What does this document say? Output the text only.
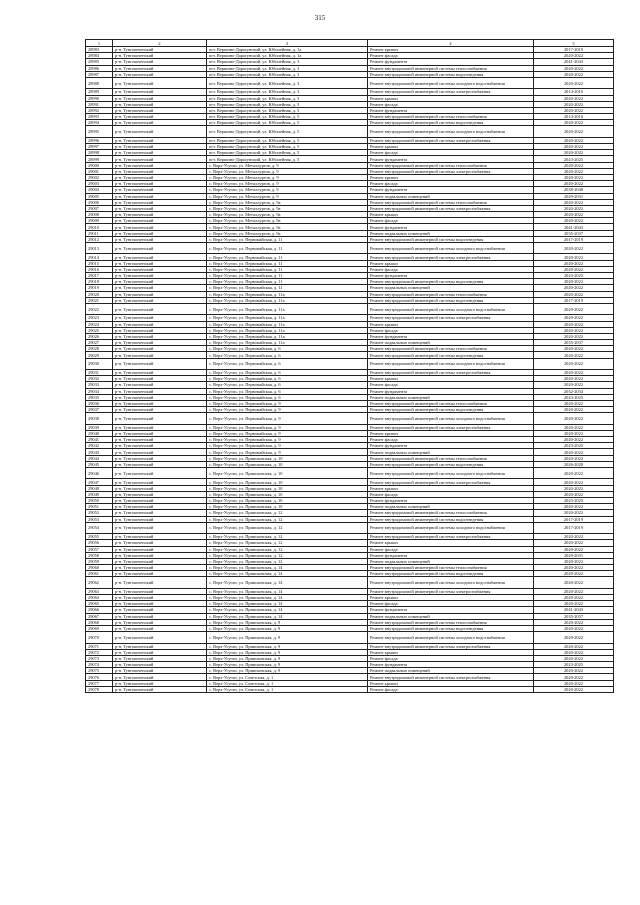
315
1	2	3	4	5
28983	р-н. Тунгокоченский	пгт. Вершино-Дарасунский, ул. Юбилейная, д. 1а	Ремонт крыши	2017-2019
28984	р-н. Тунгокоченский	пгт. Вершино-Дарасунский, ул. Юбилейная, д. 1а	Ремонт фасада	2020-2022
28985	р-н. Тунгокоченский	пгт. Вершино-Дарасунский, ул. Юбилейная, д. 3	Ремонт фундамента	2041-2043
28986	р-н. Тунгокоченский	пгт. Вершино-Дарасунский, ул. Юбилейная, д. 3	Ремонт внутридомовой инженерной системы теплоснабжения	2020-2022
28987	р-н. Тунгокоченский	пгт. Вершино-Дарасунский, ул. Юбилейная, д. 3	Ремонт внутридомовой инженерной системы водоотведения	2020-2022
28988	р-н. Тунгокоченский	пгт. Вершино-Дарасунский, ул. Юбилейная, д. 3	Ремонт внутридомовой инженерной системы холодного водоснабжения	2020-2022
28989	р-н. Тунгокоченский	пгт. Вершино-Дарасунский, ул. Юбилейная, д. 3	Ремонт внутридомовой инженерной системы электроснабжения	2014-2016
28990	р-н. Тунгокоченский	пгт. Вершино-Дарасунский, ул. Юбилейная, д. 3	Ремонт крыши	2020-2022
28991	р-н. Тунгокоченский	пгт. Вершино-Дарасунский, ул. Юбилейная, д. 3	Ремонт фасада	2020-2022
28992	р-н. Тунгокоченский	пгт. Вершино-Дарасунский, ул. Юбилейная, д. 5	Ремонт фундамента	2020-2022
28993	р-н. Тунгокоченский	пгт. Вершино-Дарасунский, ул. Юбилейная, д. 5	Ремонт внутридомовой инженерной системы теплоснабжения	2014-2016
28994	р-н. Тунгокоченский	пгт. Вершино-Дарасунский, ул. Юбилейная, д. 5	Ремонт внутридомовой инженерной системы водоотведения	2020-2022
28995	р-н. Тунгокоченский	пгт. Вершино-Дарасунский, ул. Юбилейная, д. 5	Ремонт внутридомовой инженерной системы холодного водоснабжения	2020-2022
28996	р-н. Тунгокоченский	пгт. Вершино-Дарасунский, ул. Юбилейная, д. 5	Ремонт внутридомовой инженерной системы электроснабжения	2020-2022
28997	р-н. Тунгокоченский	пгт. Вершино-Дарасунский, ул. Юбилейная, д. 5	Ремонт крыши	2020-2022
28998	р-н. Тунгокоченский	пгт. Вершино-Дарасунский, ул. Юбилейная, д. 5	Ремонт фасада	2020-2022
28999	р-н. Тунгокоченский	пгт. Вершино-Дарасунский, ул. Юбилейная, д. 5	Ремонт фундамента	2023-2025
29000	р-н. Тунгокоченский	с. Верх-Усугли, ул. Металлургов, д. 9	Ремонт внутридомовой инженерной системы теплоснабжения	2020-2022
29001	р-н. Тунгокоченский	с. Верх-Усугли, ул. Металлургов, д. 9	Ремонт внутридомовой инженерной системы электроснабжения	2020-2022
29002	р-н. Тунгокоченский	с. Верх-Усугли, ул. Металлургов, д. 9	Ремонт крыши	2020-2022
29003	р-н. Тунгокоченский	с. Верх-Усугли, ул. Металлургов, д. 9	Ремонт фасада	2020-2022
29004	р-н. Тунгокоченский	с. Верх-Усугли, ул. Металлургов, д. 9	Ремонт фундамента	2038-2040
29005	р-н. Тунгокоченский	с. Верх-Усугли, ул. Металлургов, д. 9	Ремонт подвальных помещений	2029-2031
29006	р-н. Тунгокоченский	с. Верх-Усугли, ул. Металлургов, д. 9а	Ремонт внутридомовой инженерной системы теплоснабжения	2020-2022
29007	р-н. Тунгокоченский	с. Верх-Усугли, ул. Металлургов, д. 9а	Ремонт внутридомовой инженерной системы электроснабжения	2020-2022
29008	р-н. Тунгокоченский	с. Верх-Усугли, ул. Металлургов, д. 9а	Ремонт крыши	2020-2022
29009	р-н. Тунгокоченский	с. Верх-Усугли, ул. Металлургов, д. 9а	Ремонт фасада	2020-2022
29010	р-н. Тунгокоченский	с. Верх-Усугли, ул. Металлургов, д. 9а	Ремонт фундамента	2041-2043
29011	р-н. Тунгокоченский	с. Верх-Усугли, ул. Металлургов, д. 9а	Ремонт подвальных помещений	2035-2037
29012	р-н. Тунгокоченский	с. Верх-Усугли, ул. Первомайская, д. 11	Ремонт внутридомовой инженерной системы водоотведения	2017-2019
29013	р-н. Тунгокоченский	с. Верх-Усугли, ул. Первомайская, д. 11	Ремонт внутридомовой инженерной системы холодного водоснабжения	2020-2022
29014	р-н. Тунгокоченский	с. Верх-Усугли, ул. Первомайская, д. 11	Ремонт внутридомовой инженерной системы электроснабжения	2020-2022
29015	р-н. Тунгокоченский	с. Верх-Усугли, ул. Первомайская, д. 11	Ремонт крыши	2020-2022
29016	р-н. Тунгокоченский	с. Верх-Усугли, ул. Первомайская, д. 11	Ремонт фасада	2020-2022
29017	р-н. Тунгокоченский	с. Верх-Усугли, ул. Первомайская, д. 11	Ремонт фундамента	2023-2025
29018	р-н. Тунгокоченский	с. Верх-Усугли, ул. Первомайская, д. 11	Ремонт внутридомовой инженерной системы водоотведения	2020-2022
29019	р-н. Тунгокоченский	с. Верх-Усугли, ул. Первомайская, д. 11	Ремонт подвальных помещений	2020-2022
29020	р-н. Тунгокоченский	с. Верх-Усугли, ул. Первомайская, д. 11а	Ремонт внутридомовой инженерной системы теплоснабжения	2020-2022
29021	р-н. Тунгокоченский	с. Верх-Усугли, ул. Первомайская, д. 11а	Ремонт внутридомовой инженерной системы водоотведения	2017-2019
29022	р-н. Тунгокоченский	с. Верх-Усугли, ул. Первомайская, д. 11а	Ремонт внутридомовой инженерной системы холодного водоснабжения	2020-2022
29023	р-н. Тунгокоченский	с. Верх-Усугли, ул. Первомайская, д. 11а	Ремонт внутридомовой инженерной системы электроснабжения	2020-2022
29024	р-н. Тунгокоченский	с. Верх-Усугли, ул. Первомайская, д. 11а	Ремонт крыши	2020-2022
29025	р-н. Тунгокоченский	с. Верх-Усугли, ул. Первомайская, д. 11а	Ремонт фасада	2020-2022
29026	р-н. Тунгокоченский	с. Верх-Усугли, ул. Первомайская, д. 11а	Ремонт фундамента	2020-2022
29027	р-н. Тунгокоченский	с. Верх-Усугли, ул. Первомайская, д. 11а	Ремонт подвальных помещений	2035-2037
29028	р-н. Тунгокоченский	с. Верх-Усугли, ул. Первомайская, д. 6	Ремонт внутридомовой инженерной системы теплоснабжения	2020-2022
29029	р-н. Тунгокоченский	с. Верх-Усугли, ул. Первомайская, д. 6	Ремонт внутридомовой инженерной системы водоотведения	2020-2022
29030	р-н. Тунгокоченский	с. Верх-Усугли, ул. Первомайская, д. 6	Ремонт внутридомовой инженерной системы холодного водоснабжения	2020-2022
29031	р-н. Тунгокоченский	с. Верх-Усугли, ул. Первомайская, д. 6	Ремонт внутридомовой инженерной системы электроснабжения	2020-2022
29032	р-н. Тунгокоченский	с. Верх-Усугли, ул. Первомайская, д. 6	Ремонт крыши	2020-2022
29033	р-н. Тунгокоченский	с. Верх-Усугли, ул. Первомайская, д. 6	Ремонт фасада	2020-2022
29034	р-н. Тунгокоченский	с. Верх-Усугли, ул. Первомайская, д. 6	Ремонт фундамента	2032-2034
29035	р-н. Тунгокоченский	с. Верх-Усугли, ул. Первомайская, д. 6	Ремонт подвальных помещений	2023-2025
29036	р-н. Тунгокоченский	с. Верх-Усугли, ул. Первомайская, д. 9	Ремонт внутридомовой инженерной системы теплоснабжения	2020-2022
29037	р-н. Тунгокоченский	с. Верх-Усугли, ул. Первомайская, д. 9	Ремонт внутридомовой инженерной системы водоотведения	2020-2022
29038	р-н. Тунгокоченский	с. Верх-Усугли, ул. Первомайская, д. 9	Ремонт внутридомовой инженерной системы холодного водоснабжения	2020-2022
29039	р-н. Тунгокоченский	с. Верх-Усугли, ул. Первомайская, д. 9	Ремонт внутридомовой инженерной системы электроснабжения	2020-2022
29040	р-н. Тунгокоченский	с. Верх-Усугли, ул. Первомайская, д. 9	Ремонт крыши	2020-2022
29041	р-н. Тунгокоченский	с. Верх-Усугли, ул. Первомайская, д. 9	Ремонт фасада	2020-2022
29042	р-н. Тунгокоченский	с. Верх-Усугли, ул. Первомайская, д. 9	Ремонт фундамента	2023-2025
29043	р-н. Тунгокоченский	с. Верх-Усугли, ул. Первомайская, д. 9	Ремонт подвальных помещений	2020-2022
29044	р-н. Тунгокоченский	с. Верх-Усугли, ул. Приисковская, д. 10	Ремонт внутридомовой инженерной системы теплоснабжения	2020-2022
29045	р-н. Тунгокоченский	с. Верх-Усугли, ул. Приисковская, д. 10	Ремонт внутридомовой инженерной системы водоотведения	2026-2028
29046	р-н. Тунгокоченский	с. Верх-Усугли, ул. Приисковская, д. 10	Ремонт внутридомовой инженерной системы холодного водоснабжения	2020-2022
29047	р-н. Тунгокоченский	с. Верх-Усугли, ул. Приисковская, д. 10	Ремонт внутридомовой инженерной системы электроснабжения	2020-2022
29048	р-н. Тунгокоченский	с. Верх-Усугли, ул. Приисковская, д. 10	Ремонт крыши	2020-2022
29049	р-н. Тунгокоченский	с. Верх-Усугли, ул. Приисковская, д. 10	Ремонт фасада	2020-2022
29050	р-н. Тунгокоченский	с. Верх-Усугли, ул. Приисковская, д. 10	Ремонт фундамента	2023-2025
29051	р-н. Тунгокоченский	с. Верх-Усугли, ул. Приисковская, д. 10	Ремонт подвальных помещений	2020-2022
29052	р-н. Тунгокоченский	с. Верх-Усугли, ул. Приисковская, д. 12	Ремонт внутридомовой инженерной системы теплоснабжения	2020-2022
29053	р-н. Тунгокоченский	с. Верх-Усугли, ул. Приисковская, д. 12	Ремонт внутридомовой инженерной системы водоотведения	2017-2019
29054	р-н. Тунгокоченский	с. Верх-Усугли, ул. Приисковская, д. 12	Ремонт внутридомовой инженерной системы холодного водоснабжения	2017-2019
29055	р-н. Тунгокоченский	с. Верх-Усугли, ул. Приисковская, д. 12	Ремонт внутридомовой инженерной системы электроснабжения	2020-2022
29056	р-н. Тунгокоченский	с. Верх-Усугли, ул. Приисковская, д. 12	Ремонт крыши	2020-2022
29057	р-н. Тунгокоченский	с. Верх-Усугли, ул. Приисковская, д. 12	Ремонт фасада	2020-2022
29058	р-н. Тунгокоченский	с. Верх-Усугли, ул. Приисковская, д. 12	Ремонт фундамента	2029-2031
29059	р-н. Тунгокоченский	с. Верх-Усугли, ул. Приисковская, д. 12	Ремонт подвальных помещений	2020-2022
29060	р-н. Тунгокоченский	с. Верх-Усугли, ул. Приисковская, д. 14	Ремонт внутридомовой инженерной системы теплоснабжения	2020-2022
29061	р-н. Тунгокоченский	с. Верх-Усугли, ул. Приисковская, д. 14	Ремонт внутридомовой инженерной системы водоотведения	2020-2022
29062	р-н. Тунгокоченский	с. Верх-Усугли, ул. Приисковская, д. 14	Ремонт внутридомовой инженерной системы холодного водоснабжения	2020-2022
29063	р-н. Тунгокоченский	с. Верх-Усугли, ул. Приисковская, д. 14	Ремонт внутридомовой инженерной системы электроснабжения	2020-2022
29064	р-н. Тунгокоченский	с. Верх-Усугли, ул. Приисковская, д. 14	Ремонт крыши	2020-2022
29065	р-н. Тунгокоченский	с. Верх-Усугли, ул. Приисковская, д. 14	Ремонт фасада	2020-2022
29066	р-н. Тунгокоченский	с. Верх-Усугли, ул. Приисковская, д. 14	Ремонт фундамента	2041-2043
29067	р-н. Тунгокоченский	с. Верх-Усугли, ул. Приисковская, д. 14	Ремонт подвальных помещений	2035-2037
29068	р-н. Тунгокоченский	с. Верх-Усугли, ул. Приисковская, д. 9	Ремонт внутридомовой инженерной системы теплоснабжения	2020-2022
29069	р-н. Тунгокоченский	с. Верх-Усугли, ул. Приисковская, д. 9	Ремонт внутридомовой инженерной системы водоотведения	2020-2022
29070	р-н. Тунгокоченский	с. Верх-Усугли, ул. Приисковская, д. 9	Ремонт внутридомовой инженерной системы холодного водоснабжения	2020-2022
29071	р-н. Тунгокоченский	с. Верх-Усугли, ул. Приисковская, д. 9	Ремонт внутридомовой инженерной системы электроснабжения	2020-2022
29072	р-н. Тунгокоченский	с. Верх-Усугли, ул. Приисковская, д. 9	Ремонт крыши	2020-2022
29073	р-н. Тунгокоченский	с. Верх-Усугли, ул. Приисковская, д. 9	Ремонт фасада	2020-2022
29074	р-н. Тунгокоченский	с. Верх-Усугли, ул. Приисковская, д. 9	Ремонт фундамента	2023-2025
29075	р-н. Тунгокоченский	с. Верх-Усугли, ул. Приисковская, д. 9	Ремонт подвальных помещений	2020-2022
29076	р-н. Тунгокоченский	с. Верх-Усугли, ул. Советская, д. 1	Ремонт внутридомовой инженерной системы электроснабжения	2020-2022
29077	р-н. Тунгокоченский	с. Верх-Усугли, ул. Советская, д. 1	Ремонт крыши	2020-2022
29078	р-н. Тунгокоченский	с. Верх-Усугли, ул. Советская, д. 1	Ремонт фасада	2020-2022
